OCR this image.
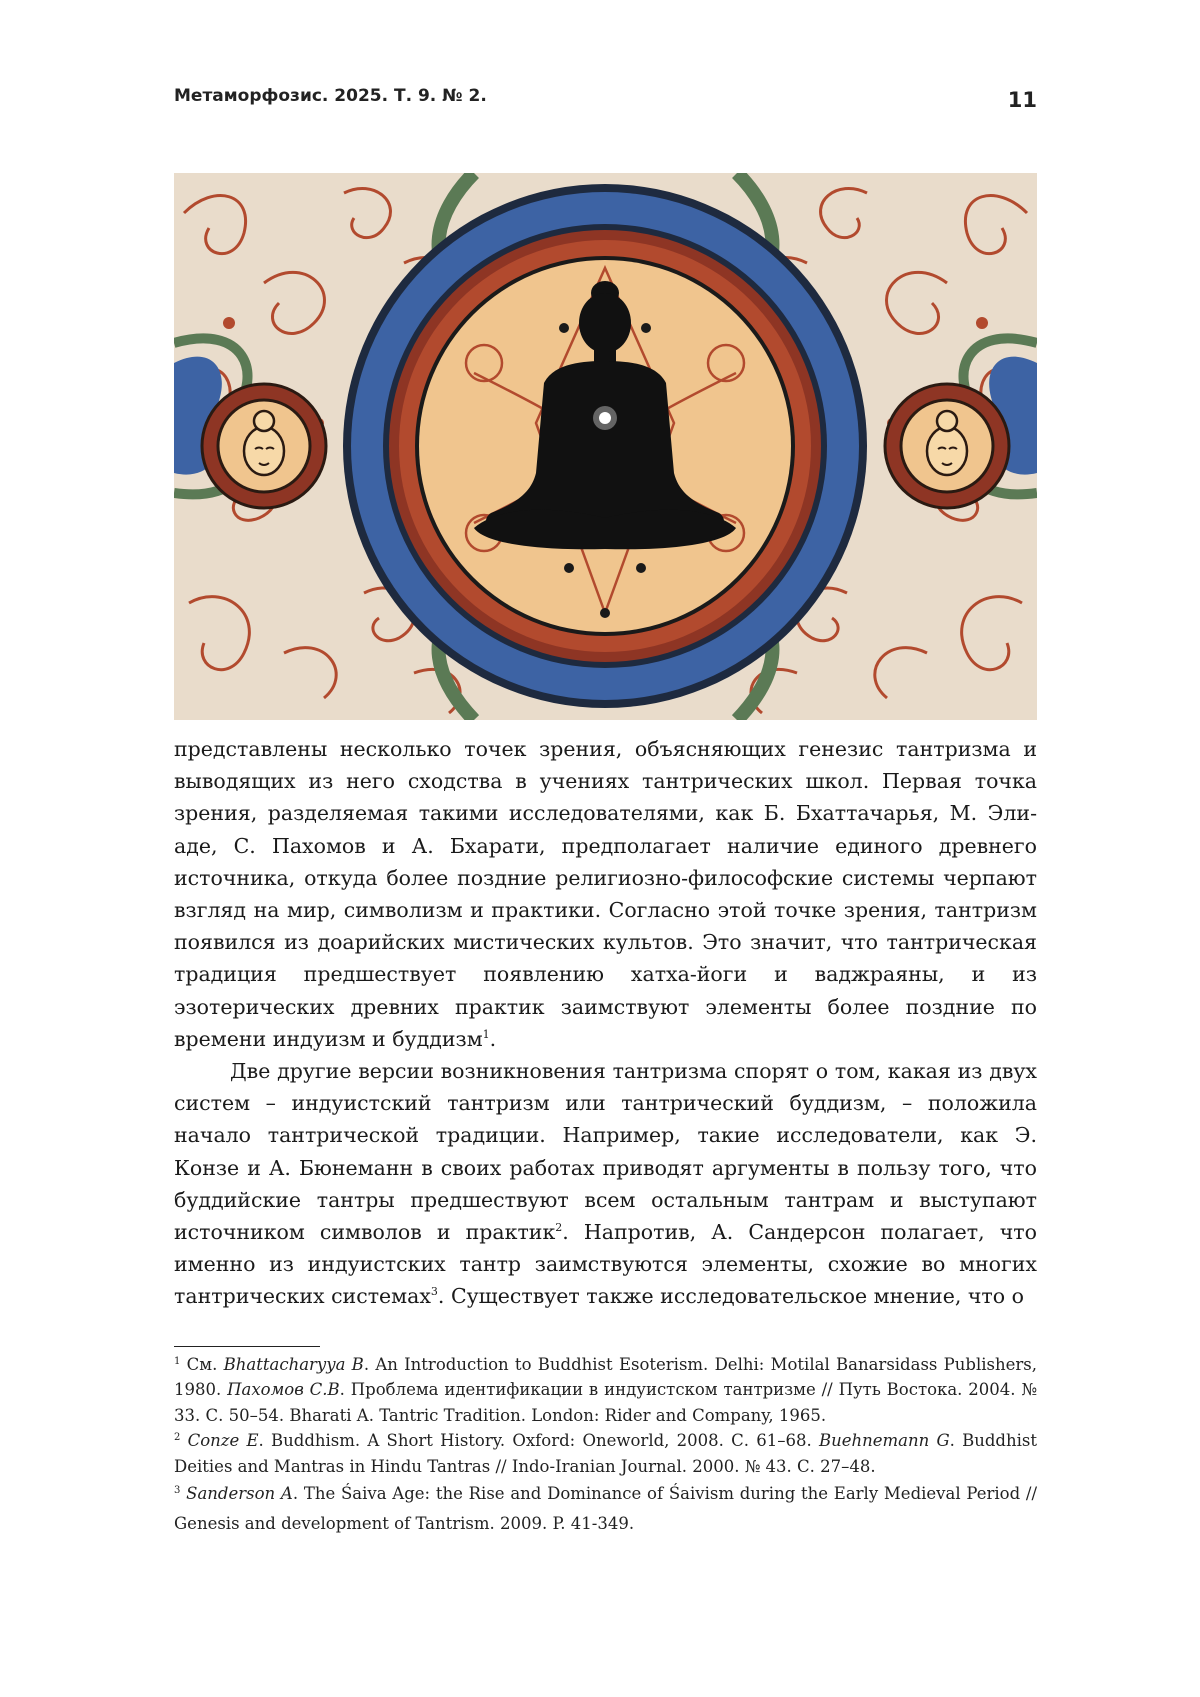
Метаморфозис. 2025. Т. 9. № 2.	11

представлены несколько точек зрения, объясняющих генезис тантризма и выводящих из него сходства в учениях тантрических школ. Первая точка зрения, разделяемая такими исследователями, как Б. Бхаттачарья, М. Элиаде, С. Пахомов и А. Бхарати, предполагает наличие единого древнего источника, откуда более поздние религиозно-философские системы черпают взгляд на мир, символизм и практики. Согласно этой точке зрения, тантризм появился из доарийских мистических культов. Это значит, что тантрическая традиция предшествует появлению хатха-йоги и ваджраяны, и из эзотерических древних практик заимствуют элементы более поздние по времени индуизм и буддизм$^1$.

Две другие версии возникновения тантризма спорят о том, какая из двух систем – индуистский тантризм или тантрический буддизм, – положила начало тантрической традиции. Например, такие исследователи, как Э. Конзе и А. Бюнеманн в своих работах приводят аргументы в пользу того, что буддийские тантры предшествуют всем остальным тантрам и выступают источником символов и практик$^2$. Напротив, А. Сандерсон полагает, что именно из индуистских тантр заимствуются элементы, схожие во многих тантрических системах$^3$. Существует также исследовательское мнение, что о

$^1$ См. Bhattacharyya B. An Introduction to Buddhist Esoterism. Delhi: Motilal Banarsidass Publishers, 1980. Пахомов С.В. Проблема идентификации в индуистском тантризме // Путь Востока. 2004. № 33. С. 50–54. Bharati A. Tantric Tradition. London: Rider and Company, 1965.

$^2$ Conze E. Buddhism. A Short History. Oxford: Oneworld, 2008. С. 61–68. Buehnemann G. Buddhist Deities and Mantras in Hindu Tantras // Indo-Iranian Journal. 2000. № 43. С. 27–48.

$^3$ Sanderson A. The Śaiva Age: the Rise and Dominance of Śaivism during the Early Medieval Period // Genesis and development of Tantrism. 2009. P. 41-349.
